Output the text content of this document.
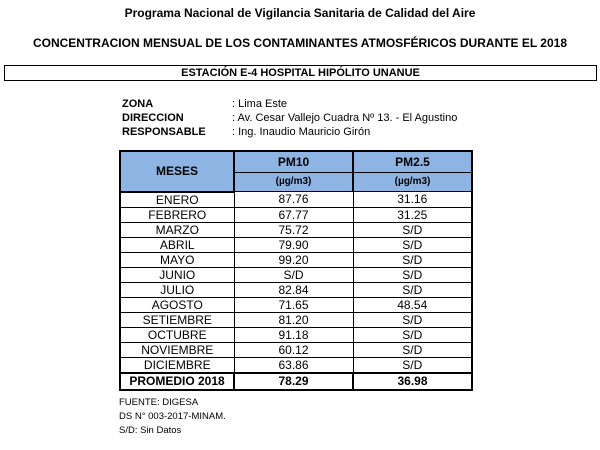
Programa Nacional de Vigilancia Sanitaria de Calidad del Aire
CONCENTRACION MENSUAL DE LOS CONTAMINANTES ATMOSFÉRICOS DURANTE EL 2018
ESTACIÓN E-4 HOSPITAL HIPÓLITO UNANUE
ZONA	: Lima Este
DIRECCION	: Av. Cesar Vallejo Cuadra Nº 13. - El Agustino
RESPONSABLE : Ing. Inaudio Mauricio Girón
MESES	PM10	PM2.5
	(µg/m3)	(µg/m3)
ENERO	87.76	31.16
FEBRERO	67.77	31.25
MARZO	75.72	S/D
ABRIL	79.90	S/D
MAYO	99.20	S/D
JUNIO	S/D	S/D
JULIO	82.84	S/D
AGOSTO	71.65	48.54
SETIEMBRE	81.20	S/D
OCTUBRE	91.18	S/D
NOVIEMBRE	60.12	S/D
DICIEMBRE	63.86	S/D
PROMEDIO 2018	78.29	36.98
FUENTE: DIGESA
DS N° 003-2017-MINAM.
S/D: Sin Datos
